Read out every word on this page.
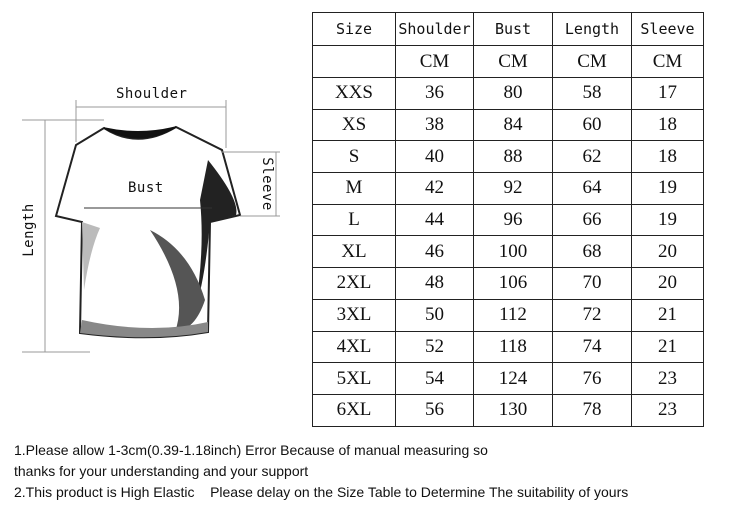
Shoulder
Bust	Sleeve
Length
Size	Shoulder	Bust	Length	Sleeve
	CM	CM	CM	CM
XXS	36	80	58	17
XS	38	84	60	18
S	40	88	62	18
M	42	92	64	19
L	44	96	66	19
XL	46	100	68	20
2XL	48	106	70	20
3XL	50	112	72	21
4XL	52	118	74	21
5XL	54	124	76	23
6XL	56	130	78	23
1.Please allow 1-3cm(0.39-1.18inch) Error Because of manual measuring so
thanks for your understanding and your support
2.This product is High Elastic    Please delay on the Size Table to Determine The suitability of yours
